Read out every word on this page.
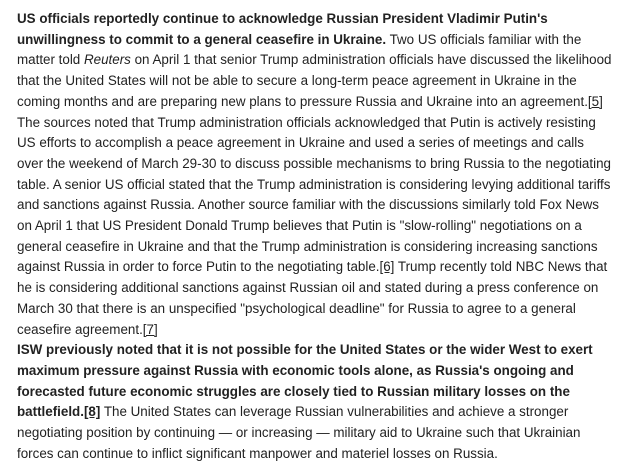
US officials reportedly continue to acknowledge Russian President Vladimir Putin's unwillingness to commit to a general ceasefire in Ukraine. Two US officials familiar with the matter told Reuters on April 1 that senior Trump administration officials have discussed the likelihood that the United States will not be able to secure a long-term peace agreement in Ukraine in the coming months and are preparing new plans to pressure Russia and Ukraine into an agreement.[5] The sources noted that Trump administration officials acknowledged that Putin is actively resisting US efforts to accomplish a peace agreement in Ukraine and used a series of meetings and calls over the weekend of March 29-30 to discuss possible mechanisms to bring Russia to the negotiating table. A senior US official stated that the Trump administration is considering levying additional tariffs and sanctions against Russia. Another source familiar with the discussions similarly told Fox News on April 1 that US President Donald Trump believes that Putin is "slow-rolling" negotiations on a general ceasefire in Ukraine and that the Trump administration is considering increasing sanctions against Russia in order to force Putin to the negotiating table.[6] Trump recently told NBC News that he is considering additional sanctions against Russian oil and stated during a press conference on March 30 that there is an unspecified "psychological deadline" for Russia to agree to a general ceasefire agreement.[7]

ISW previously noted that it is not possible for the United States or the wider West to exert maximum pressure against Russia with economic tools alone, as Russia's ongoing and forecasted future economic struggles are closely tied to Russian military losses on the battlefield.[8] The United States can leverage Russian vulnerabilities and achieve a stronger negotiating position by continuing — or increasing — military aid to Ukraine such that Ukrainian forces can continue to inflict significant manpower and materiel losses on Russia.
